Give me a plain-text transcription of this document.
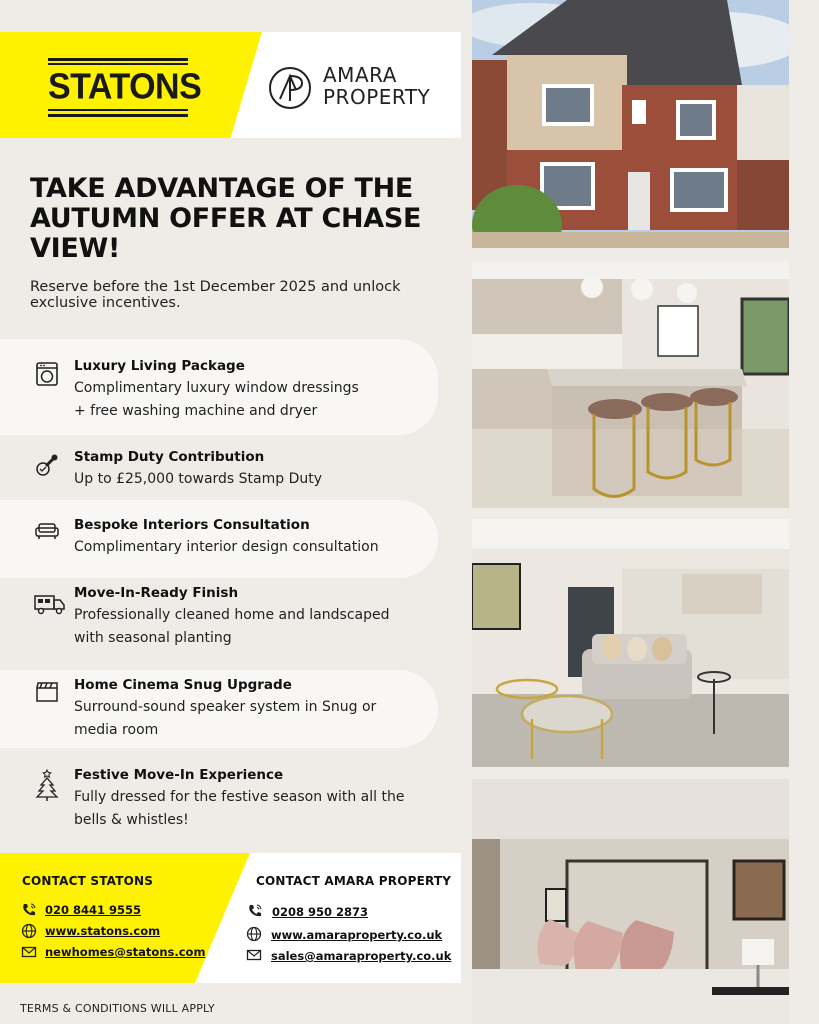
STATONS	AMARA
PROPERTY
TAKE ADVANTAGE OF THE AUTUMN OFFER AT CHASE VIEW!
Reserve before the 1st December 2025 and unlock exclusive incentives.
Luxury Living Package
Complimentary luxury window dressings
+ free washing machine and dryer
Stamp Duty Contribution
Up to £25,000 towards Stamp Duty
Bespoke Interiors Consultation
Complimentary interior design consultation
Move-In-Ready Finish
Professionally cleaned home and landscaped
with seasonal planting
Home Cinema Snug Upgrade
Surround-sound speaker system in Snug or
media room
Festive Move-In Experience
Fully dressed for the festive season with all the
bells & whistles!
CONTACT STATONS
020 8441 9555
www.statons.com
newhomes@statons.com
CONTACT AMARA PROPERTY
0208 950 2873
www.amaraproperty.co.uk
sales@amaraproperty.co.uk
TERMS & CONDITIONS WILL APPLY
